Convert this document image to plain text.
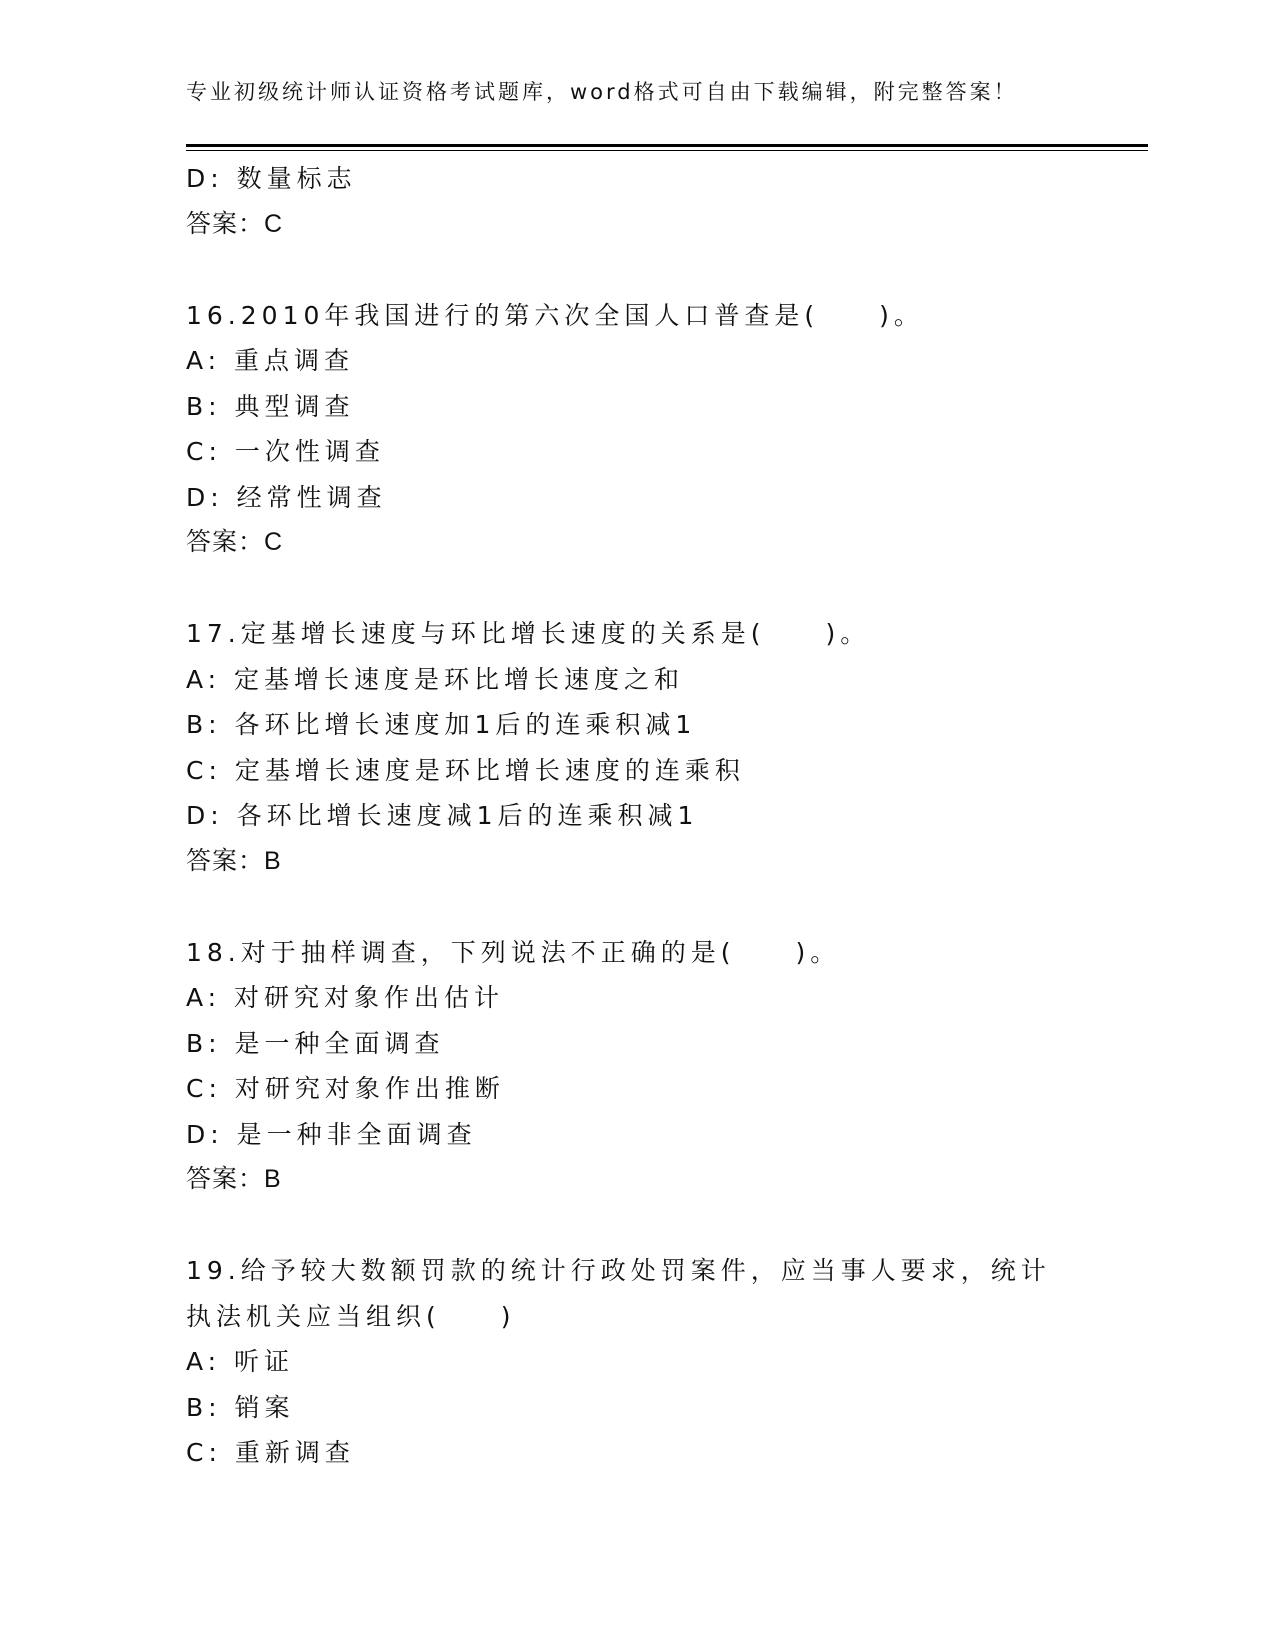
专业初级统计师认证资格考试题库，word格式可自由下载编辑，附完整答案！
D: 数量标志
答案：C
16.2010年我国进行的第六次全国人口普查是(　　)。
A: 重点调查
B: 典型调查
C: 一次性调查
D: 经常性调查
答案：C
17.定基增长速度与环比增长速度的关系是(　　)。
A: 定基增长速度是环比增长速度之和
B: 各环比增长速度加1后的连乘积减1
C: 定基增长速度是环比增长速度的连乘积
D: 各环比增长速度减1后的连乘积减1
答案：B
18.对于抽样调查，下列说法不正确的是(　　)。
A: 对研究对象作出估计
B: 是一种全面调查
C: 对研究对象作出推断
D: 是一种非全面调查
答案：B
19.给予较大数额罚款的统计行政处罚案件，应当事人要求，统计执法机关应当组织(　　)
A: 听证
B: 销案
C: 重新调查
